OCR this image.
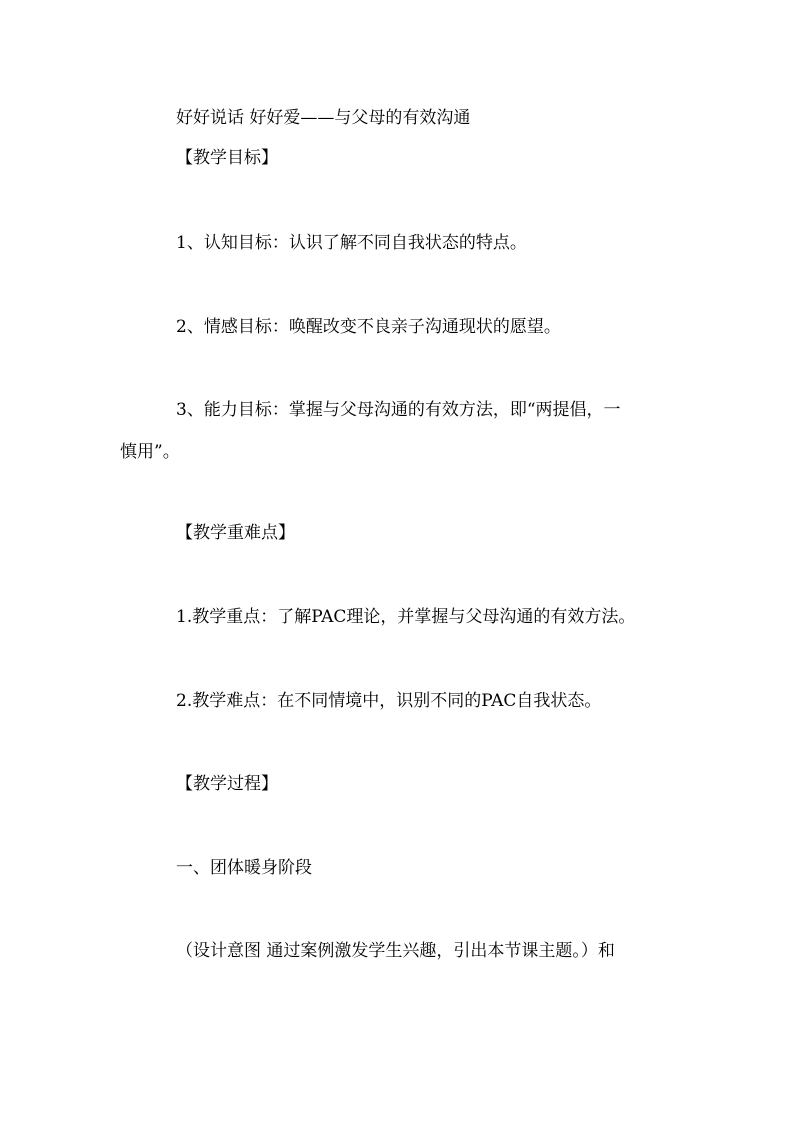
好好说话 好好爱——与父母的有效沟通
【教学目标】
1、认知目标：认识了解不同自我状态的特点。
2、情感目标：唤醒改变不良亲子沟通现状的愿望。
3、能力目标：掌握与父母沟通的有效方法，即“两提倡，一
慎用”。
【教学重难点】
1.教学重点：了解PAC理论，并掌握与父母沟通的有效方法。
2.教学难点：在不同情境中，识别不同的PAC自我状态。
【教学过程】
一、团体暖身阶段
（设计意图 通过案例激发学生兴趣，引出本节课主题。）和
